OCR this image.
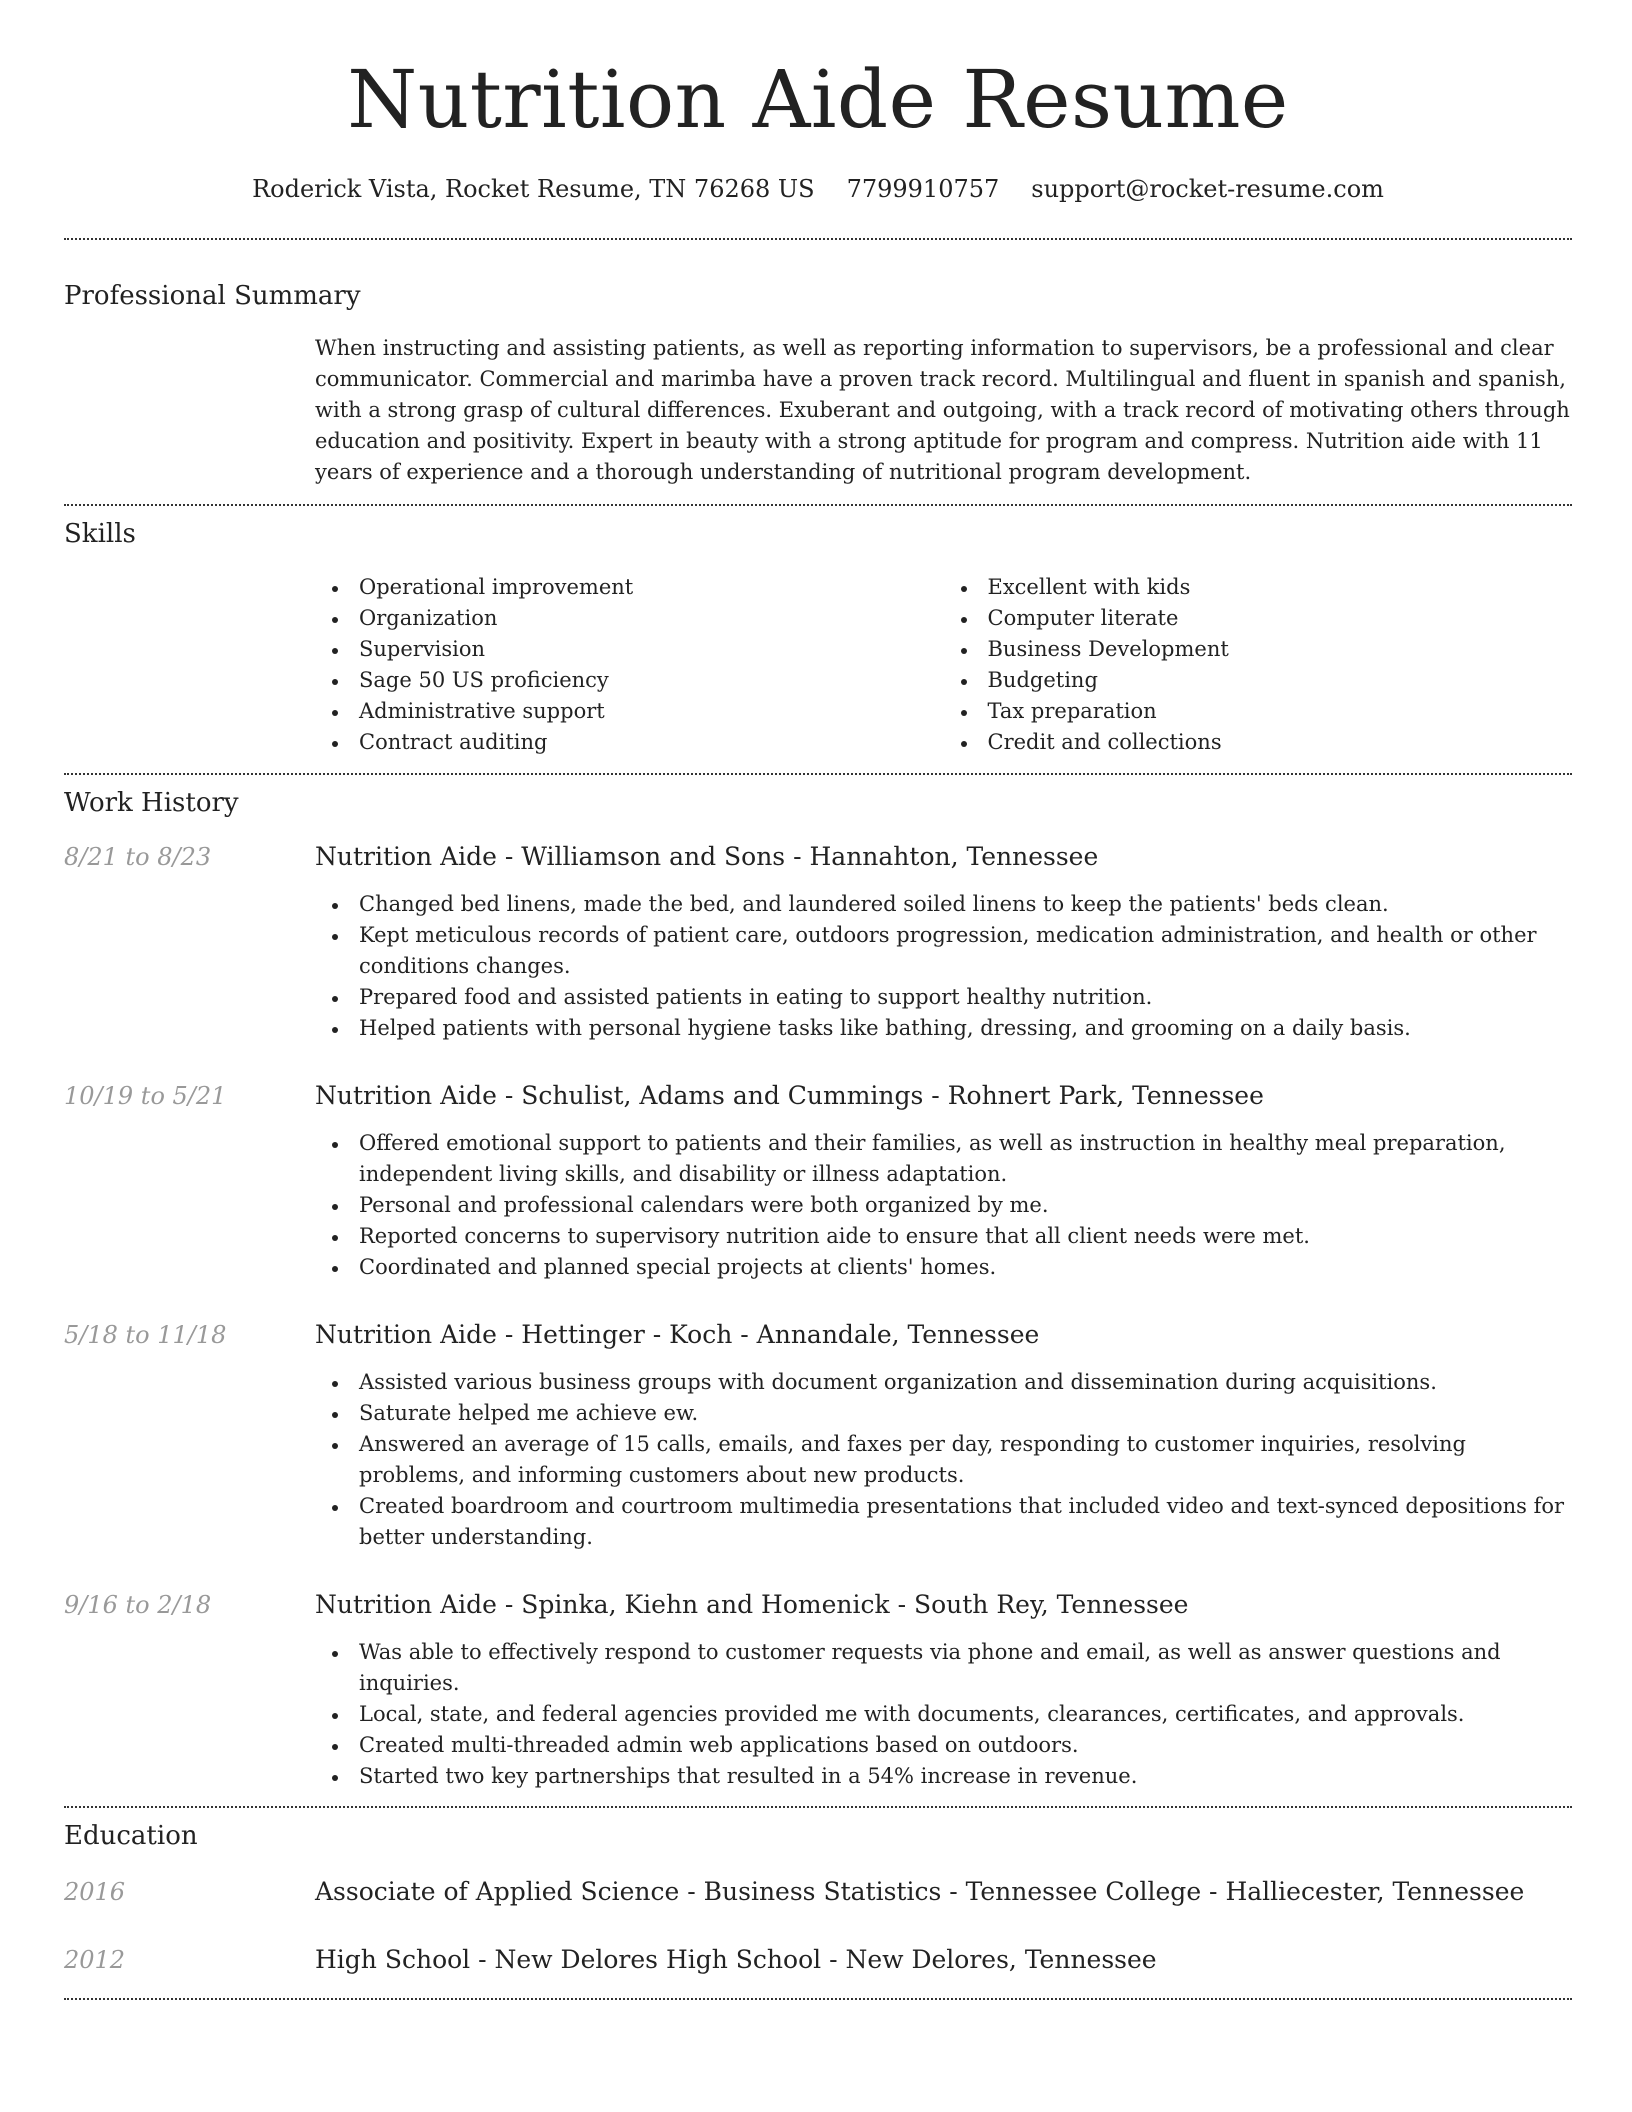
Nutrition Aide Resume
Roderick Vista, Rocket Resume, TN 76268 US 7799910757 support@rocket-resume.com
Professional Summary

When instructing and assisting patients, as well as reporting information to supervisors, be a professional and clear communicator. Commercial and marimba have a proven track record. Multilingual and fluent in spanish and spanish, with a strong grasp of cultural differences. Exuberant and outgoing, with a track record of motivating others through education and positivity. Expert in beauty with a strong aptitude for program and compress. Nutrition aide with 11 years of experience and a thorough understanding of nutritional program development.

Skills
Operational improvement
Organization
Supervision
Sage 50 US proficiency
Administrative support
Contract auditing
Excellent with kids
Computer literate
Business Development
Budgeting
Tax preparation
Credit and collections
Work History
8/21 to 8/23	Nutrition Aide - Williamson and Sons - Hannahton, Tennessee
Changed bed linens, made the bed, and laundered soiled linens to keep the patients' beds clean.
Kept meticulous records of patient care, outdoors progression, medication administration, and health or other conditions changes.
Prepared food and assisted patients in eating to support healthy nutrition.
Helped patients with personal hygiene tasks like bathing, dressing, and grooming on a daily basis.
10/19 to 5/21	Nutrition Aide - Schulist, Adams and Cummings - Rohnert Park, Tennessee
Offered emotional support to patients and their families, as well as instruction in healthy meal preparation, independent living skills, and disability or illness adaptation.
Personal and professional calendars were both organized by me.
Reported concerns to supervisory nutrition aide to ensure that all client needs were met.
Coordinated and planned special projects at clients' homes.
5/18 to 11/18	Nutrition Aide - Hettinger - Koch - Annandale, Tennessee
Assisted various business groups with document organization and dissemination during acquisitions.
Saturate helped me achieve ew.
Answered an average of 15 calls, emails, and faxes per day, responding to customer inquiries, resolving problems, and informing customers about new products.
Created boardroom and courtroom multimedia presentations that included video and text-synced depositions for better understanding.
9/16 to 2/18	Nutrition Aide - Spinka, Kiehn and Homenick - South Rey, Tennessee
Was able to effectively respond to customer requests via phone and email, as well as answer questions and inquiries.
Local, state, and federal agencies provided me with documents, clearances, certificates, and approvals.
Created multi-threaded admin web applications based on outdoors.
Started two key partnerships that resulted in a 54% increase in revenue.
Education
2016	Associate of Applied Science - Business Statistics - Tennessee College - Halliecester, Tennessee
2012	High School - New Delores High School - New Delores, Tennessee
